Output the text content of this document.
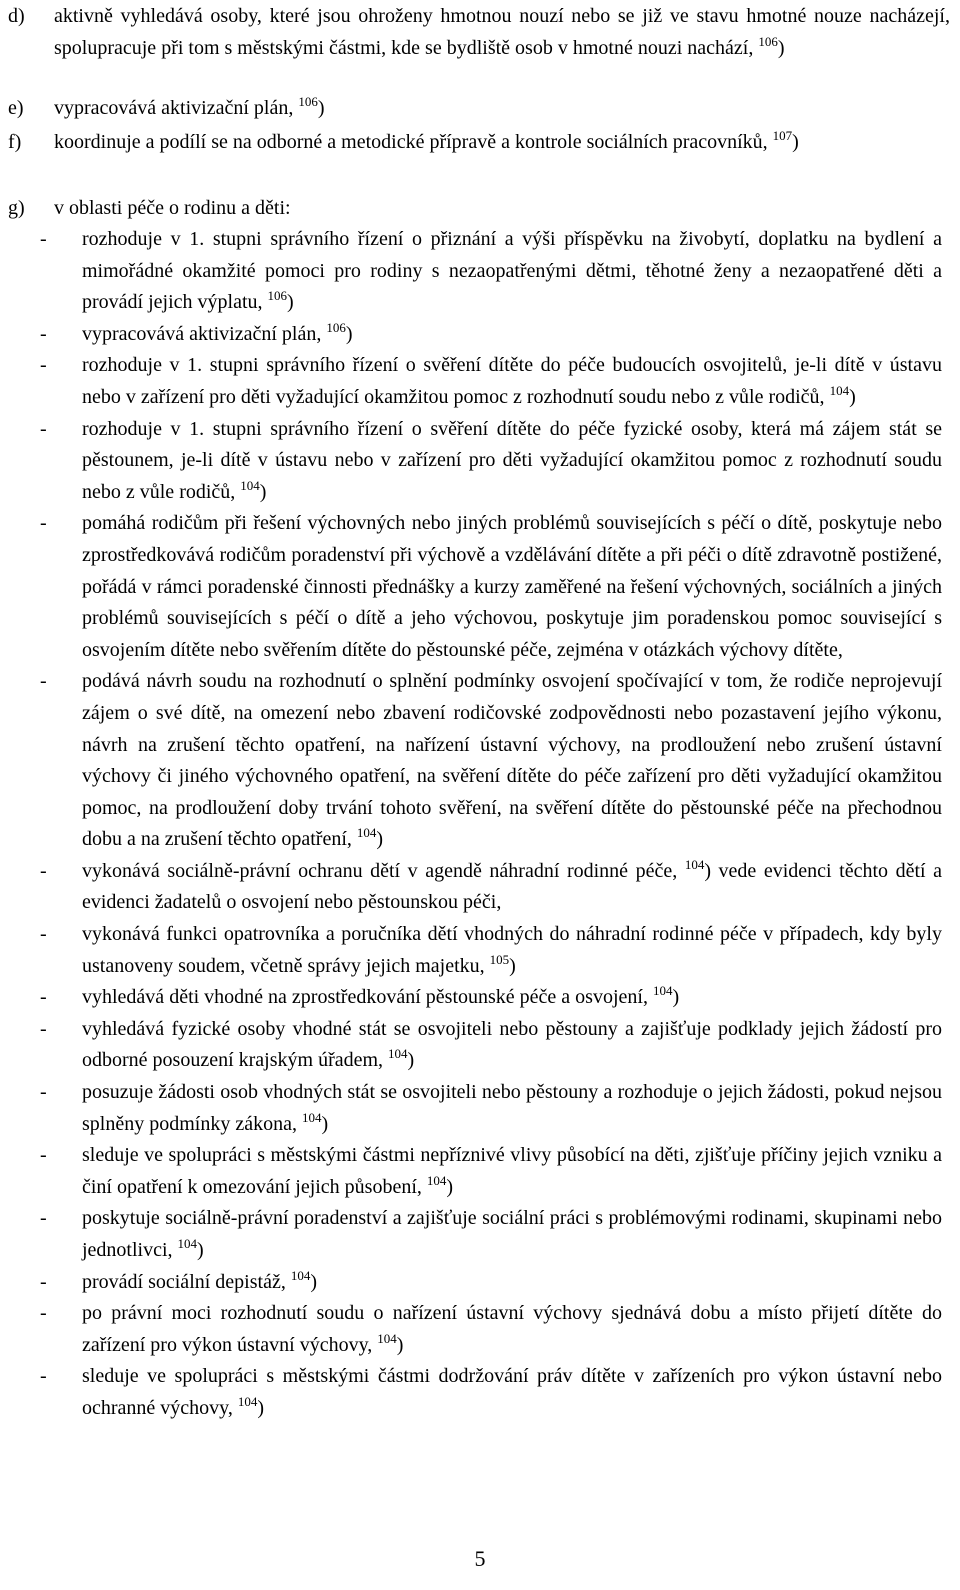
d) aktivně vyhledává osoby, které jsou ohroženy hmotnou nouzí nebo se již ve stavu hmotné nouze nacházejí, spolupracuje při tom s městskými částmi, kde se bydliště osob v hmotné nouzi nachází, $^{106}$)
e) vypracovává aktivizační plán, $^{106}$)
f) koordinuje a podílí se na odborné a metodické přípravě a kontrole sociálních pracovníků, $^{107}$)
g) v oblasti péče o rodinu a děti:
- rozhoduje v 1. stupni správního řízení o přiznání a výši příspěvku na živobytí, doplatku na bydlení a mimořádné okamžité pomoci pro rodiny s nezaopatřenými dětmi, těhotné ženy a nezaopatřené děti a provádí jejich výplatu, $^{106}$)
- vypracovává aktivizační plán, $^{106}$)
- rozhoduje v 1. stupni správního řízení o svěření dítěte do péče budoucích osvojitelů, je-li dítě v ústavu nebo v zařízení pro děti vyžadující okamžitou pomoc z rozhodnutí soudu nebo z vůle rodičů, $^{104}$)
- rozhoduje v 1. stupni správního řízení o svěření dítěte do péče fyzické osoby, která má zájem stát se pěstounem, je-li dítě v ústavu nebo v zařízení pro děti vyžadující okamžitou pomoc z rozhodnutí soudu nebo z vůle rodičů, $^{104}$)
- pomáhá rodičům při řešení výchovných nebo jiných problémů souvisejících s péčí o dítě, poskytuje nebo zprostředkovává rodičům poradenství při výchově a vzdělávání dítěte a při péči o dítě zdravotně postižené, pořádá v rámci poradenské činnosti přednášky a kurzy zaměřené na řešení výchovných, sociálních a jiných problémů souvisejících s péčí o dítě a jeho výchovou, poskytuje jim poradenskou pomoc související s osvojením dítěte nebo svěřením dítěte do pěstounské péče, zejména v otázkách výchovy dítěte,
- podává návrh soudu na rozhodnutí o splnění podmínky osvojení spočívající v tom, že rodiče neprojevují zájem o své dítě, na omezení nebo zbavení rodičovské zodpovědnosti nebo pozastavení jejího výkonu, návrh na zrušení těchto opatření, na nařízení ústavní výchovy, na prodloužení nebo zrušení ústavní výchovy či jiného výchovného opatření, na svěření dítěte do péče zařízení pro děti vyžadující okamžitou pomoc, na prodloužení doby trvání tohoto svěření, na svěření dítěte do pěstounské péče na přechodnou dobu a na zrušení těchto opatření, $^{104}$)
- vykonává sociálně-právní ochranu dětí v agendě náhradní rodinné péče, $^{104}$) vede evidenci těchto dětí a evidenci žadatelů o osvojení nebo pěstounskou péči,
- vykonává funkci opatrovníka a poručníka dětí vhodných do náhradní rodinné péče v případech, kdy byly ustanoveny soudem, včetně správy jejich majetku, $^{105}$)
- vyhledává děti vhodné na zprostředkování pěstounské péče a osvojení, $^{104}$)
- vyhledává fyzické osoby vhodné stát se osvojiteli nebo pěstouny a zajišťuje podklady jejich žádostí pro odborné posouzení krajským úřadem, $^{104}$)
- posuzuje žádosti osob vhodných stát se osvojiteli nebo pěstouny a rozhoduje o jejich žádosti, pokud nejsou splněny podmínky zákona, $^{104}$)
- sleduje ve spolupráci s městskými částmi nepříznivé vlivy působící na děti, zjišťuje příčiny jejich vzniku a činí opatření k omezování jejich působení, $^{104}$)
- poskytuje sociálně-právní poradenství a zajišťuje sociální práci s problémovými rodinami, skupinami nebo jednotlivci, $^{104}$)
- provádí sociální depistáž, $^{104}$)
- po právní moci rozhodnutí soudu o nařízení ústavní výchovy sjednává dobu a místo přijetí dítěte do zařízení pro výkon ústavní výchovy, $^{104}$)
- sleduje ve spolupráci s městskými částmi dodržování práv dítěte v zařízeních pro výkon ústavní nebo ochranné výchovy, $^{104}$)
5
